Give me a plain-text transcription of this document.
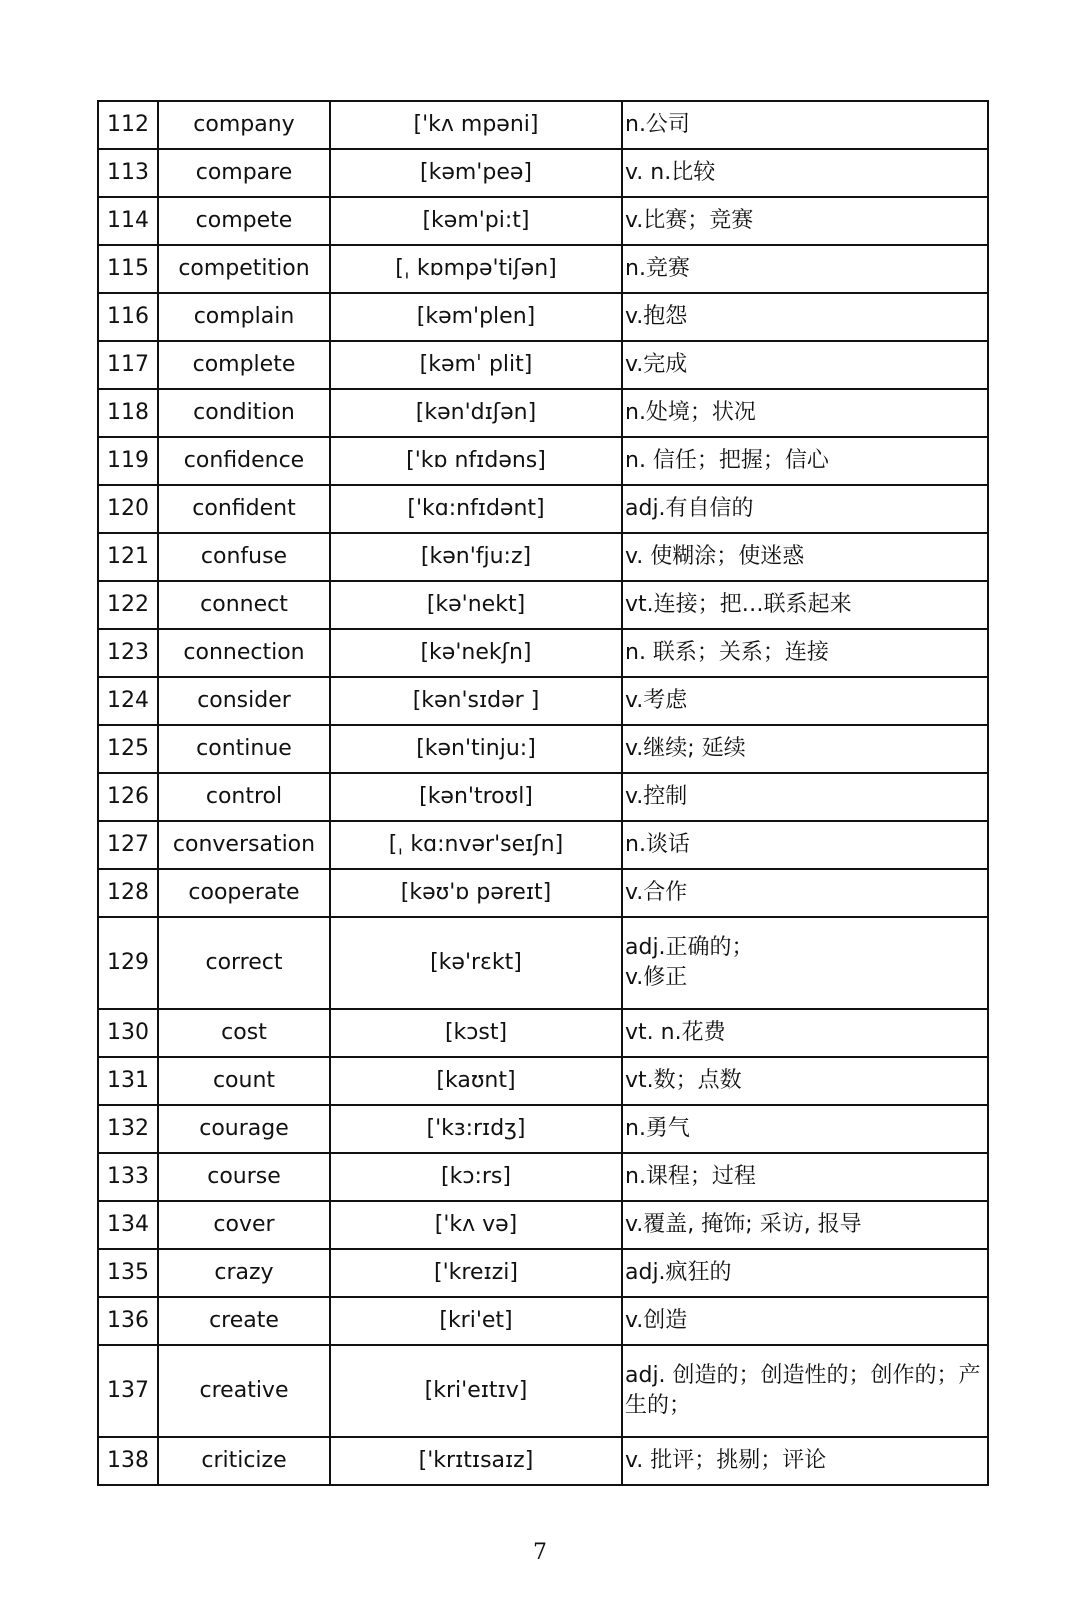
112	company	['kʌ mpəni]	n.公司
113	compare	[kəm'peə]	v. n.比较
114	compete	[kəm'pi:t]	v.比赛；竞赛
115	competition	[ˌ kɒmpə'tiʃən]	n.竞赛
116	complain	[kəm'plen]	v.抱怨
117	complete	[kəmˈ plit]	v.完成
118	condition	[kən'dɪʃən]	n.处境；状况
119	confidence	['kɒ nfɪdəns]	n. 信任；把握；信心
120	confident	['kɑ:nfɪdənt]	adj.有自信的
121	confuse	[kən'fju:z]	v. 使糊涂；使迷惑
122	connect	[kə'nekt]	vt.连接；把…联系起来
123	connection	[kə'nekʃn]	n. 联系；关系；连接
124	consider	[kən'sɪdər ]	v.考虑
125	continue	[kən'tinju:]	v.继续; 延续
126	control	[kən'troʊl]	v.控制
127	conversation	[ˌ kɑ:nvər'seɪʃn]	n.谈话
128	cooperate	[kəʊ'ɒ pəreɪt]	v.合作
129	correct	[kə'rɛkt]	adj.正确的；
v.修正

130	cost	[kɔst]	vt. n.花费
131	count	[kaʊnt]	vt.数；点数
132	courage	['kɜ:rɪdʒ]	n.勇气
133	course	[kɔ:rs]	n.课程；过程
134	cover	['kʌ və]	v.覆盖, 掩饰; 采访, 报导
135	crazy	['kreɪzi]	adj.疯狂的
136	create	[kri'et]	v.创造
137	creative	[kri'eɪtɪv]	adj. 创造的；创造性的；创作的；产
生的；

138	criticize	['krɪtɪsaɪz]	v. 批评；挑剔；评论
7
